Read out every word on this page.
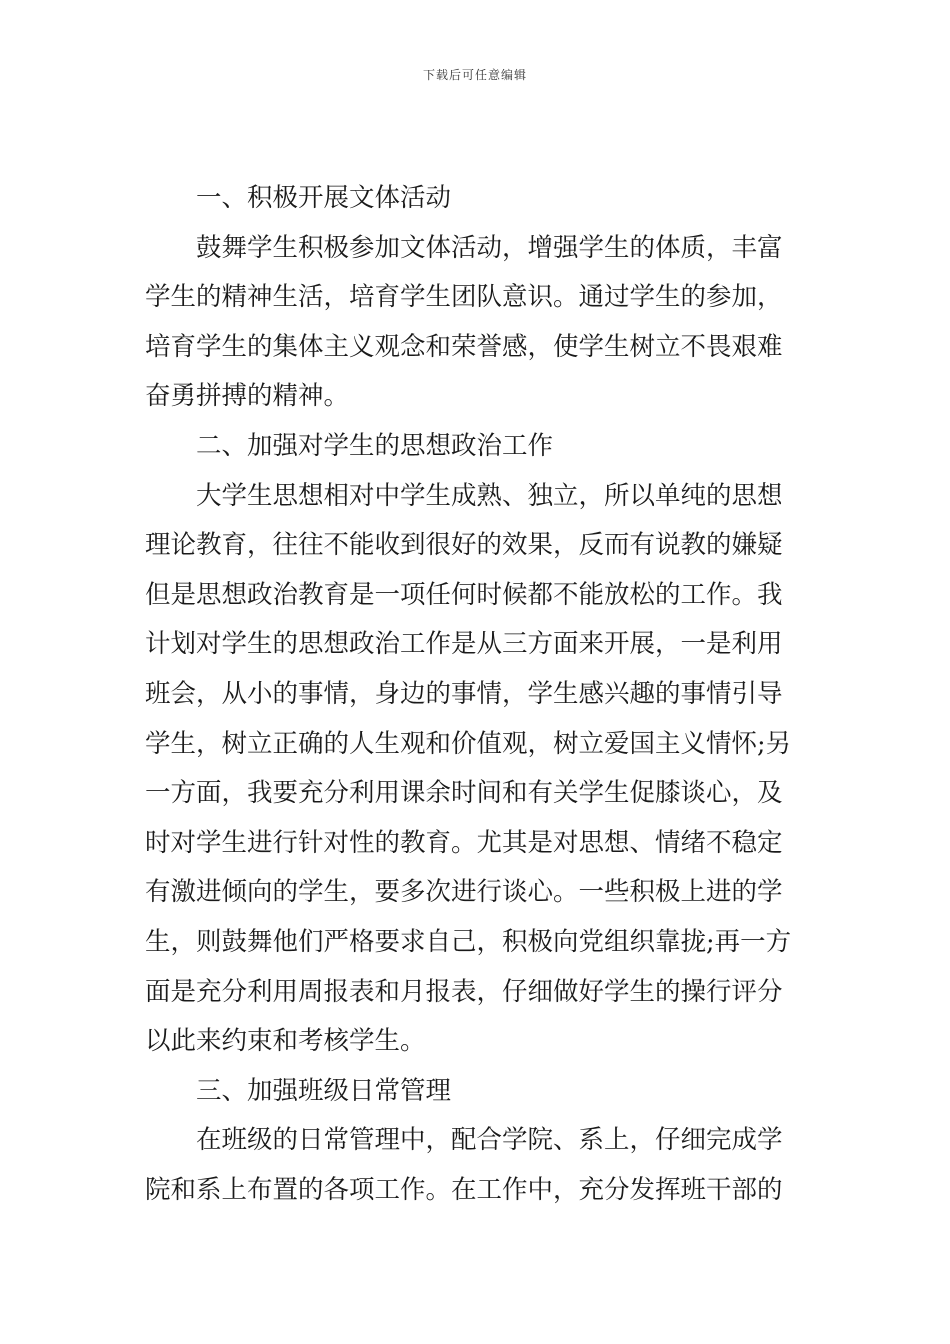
下载后可任意编辑
一、积极开展文体活动
鼓舞学生积极参加文体活动，增强学生的体质，丰富
学生的精神生活，培育学生团队意识。通过学生的参加，
培育学生的集体主义观念和荣誉感，使学生树立不畏艰难
奋勇拼搏的精神。
二、加强对学生的思想政治工作
大学生思想相对中学生成熟、独立，所以单纯的思想
理论教育，往往不能收到很好的效果，反而有说教的嫌疑
但是思想政治教育是一项任何时候都不能放松的工作。我
计划对学生的思想政治工作是从三方面来开展，一是利用
班会，从小的事情，身边的事情，学生感兴趣的事情引导
学生，树立正确的人生观和价值观，树立爱国主义情怀;另
一方面，我要充分利用课余时间和有关学生促膝谈心，及
时对学生进行针对性的教育。尤其是对思想、情绪不稳定
有激进倾向的学生，要多次进行谈心。一些积极上进的学
生，则鼓舞他们严格要求自己，积极向党组织靠拢;再一方
面是充分利用周报表和月报表，仔细做好学生的操行评分
以此来约束和考核学生。
三、加强班级日常管理
在班级的日常管理中，配合学院、系上，仔细完成学
院和系上布置的各项工作。在工作中，充分发挥班干部的
